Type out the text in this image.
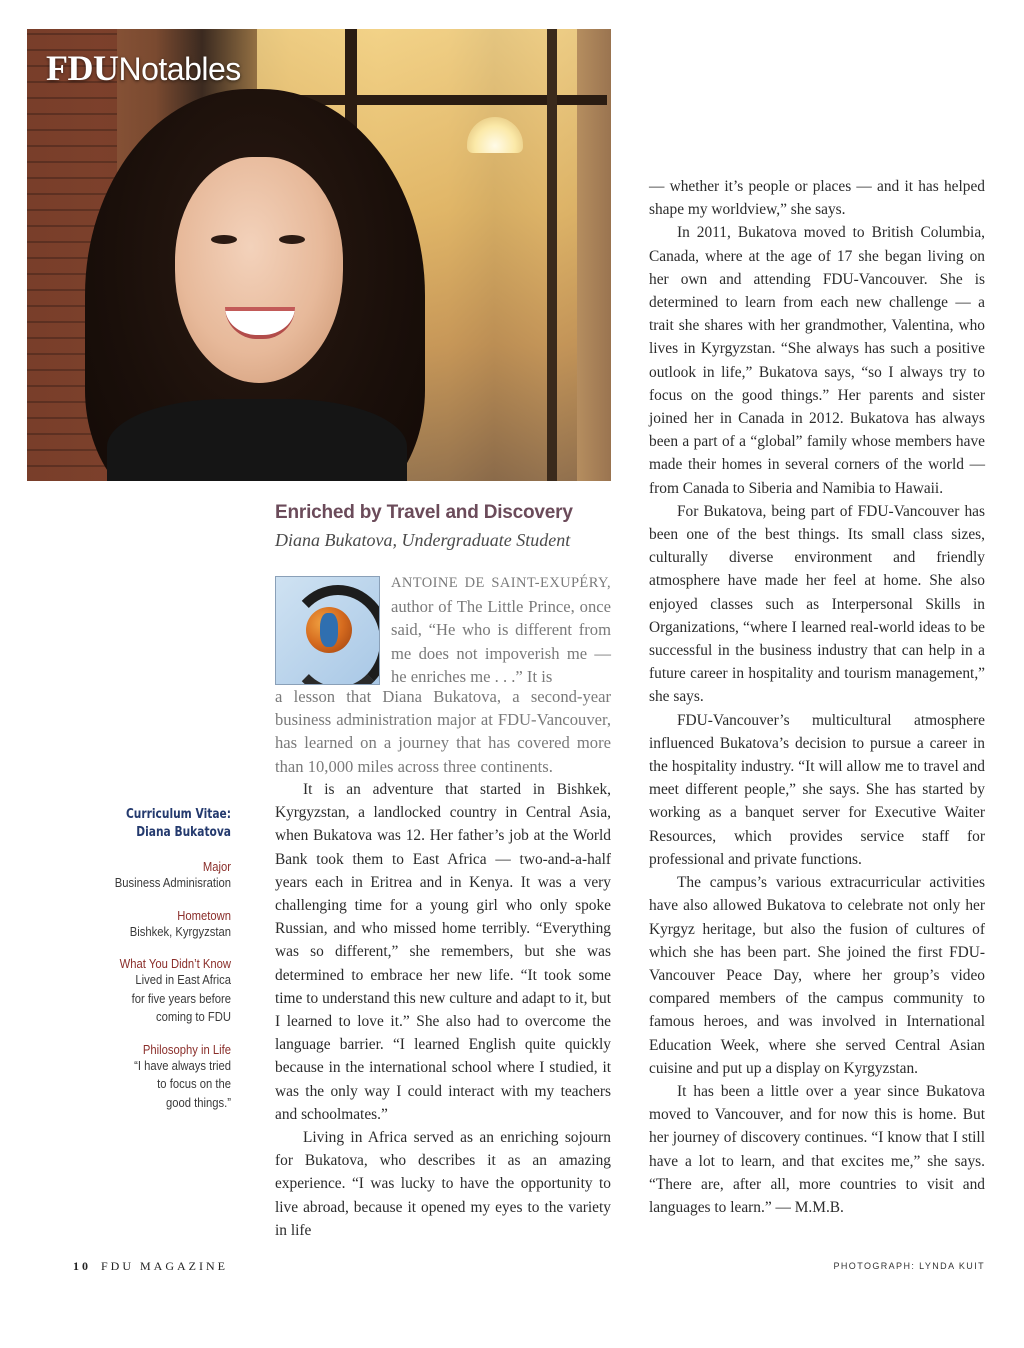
FDUNotables
Enriched by Travel and Discovery
Diana Bukatova, Undergraduate Student
ANTOINE DE SAINT-EXUPÉRY, author of The Little Prince, once said, “He who is different from me does not impoverish me — he enriches me . . .” It is
a lesson that Diana Bukatova, a second-year business administration major at FDU-Vancouver, has learned on a journey that has covered more than 10,000 miles across three continents.

It is an adventure that started in Bishkek, Kyrgyzstan, a landlocked country in Central Asia, when Bukatova was 12. Her father’s job at the World Bank took them to East Africa — two-and-a-half years each in Eritrea and in Kenya. It was a very challenging time for a young girl who only spoke Russian, and who missed home terribly. “Everything was so different,” she remembers, but she was determined to embrace her new life. “It took some time to understand this new culture and adapt to it, but I learned to love it.” She also had to overcome the language barrier. “I learned English quite quickly because in the international school where I studied, it was the only way I could interact with my teachers and schoolmates.”

Living in Africa served as an enriching sojourn for Bukatova, who describes it as an amazing experience. “I was lucky to have the opportunity to live abroad, because it opened my eyes to the variety in life

— whether it’s people or places — and it has helped shape my worldview,” she says.

In 2011, Bukatova moved to British Columbia, Canada, where at the age of 17 she began living on her own and attending FDU-Vancouver. She is determined to learn from each new challenge — a trait she shares with her grandmother, Valentina, who lives in Kyrgyzstan. “She always has such a positive outlook in life,” Bukatova says, “so I always try to focus on the good things.” Her parents and sister joined her in Canada in 2012. Bukatova has always been a part of a “global” family whose members have made their homes in several corners of the world — from Canada to Siberia and Namibia to Hawaii.

For Bukatova, being part of FDU-Vancouver has been one of the best things. Its small class sizes, culturally diverse environment and friendly atmosphere have made her feel at home. She also enjoyed classes such as Interpersonal Skills in Organizations, “where I learned real-world ideas to be successful in the business industry that can help in a future career in hospitality and tourism management,” she says.

FDU-Vancouver’s multicultural atmosphere influenced Bukatova’s decision to pursue a career in the hospitality industry. “It will allow me to travel and meet different people,” she says. She has started by working as a banquet server for Executive Waiter Resources, which provides service staff for professional and private functions.

The campus’s various extracurricular activities have also allowed Bukatova to celebrate not only her Kyrgyz heritage, but also the fusion of cultures of which she has been part. She joined the first FDU-Vancouver Peace Day, where her group’s video compared members of the campus community to famous heroes, and was involved in International Education Week, where she served Central Asian cuisine and put up a display on Kyrgyzstan.

It has been a little over a year since Bukatova moved to Vancouver, and for now this is home. But her journey of discovery continues. “I know that I still have a lot to learn, and that excites me,” she says. “There are, after all, more countries to visit and languages to learn.” — M.M.B.

Curriculum Vitae:
Diana Bukatova
Major
Business Adminisration
Hometown
Bishkek, Kyrgyzstan
What You Didn’t Know
Lived in East Africa for five years before coming to FDU
Philosophy in Life
“I have always tried to focus on the good things.”
10 FDU MAGAZINE	PHOTOGRAPH: LYNDA KUIT
